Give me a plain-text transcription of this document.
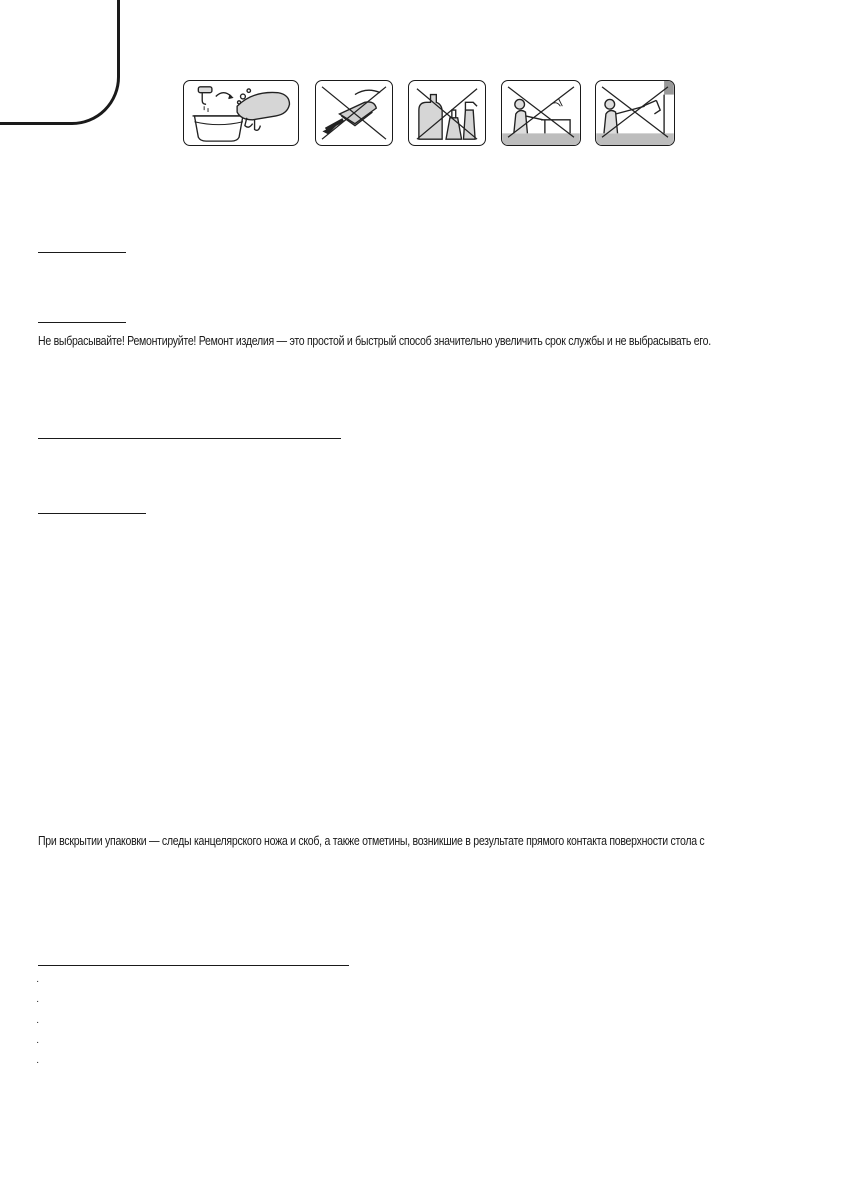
Не выбрасывайте! Ремонтируйте! Ремонт изделия — это простой и быстрый способ значительно увеличить срок службы и не выбрасывать его.
При вскрытии упаковки — следы канцелярского ножа и скоб, а также отметины, возникшие в результате прямого контакта поверхности стола с
·
·
·
·
·
